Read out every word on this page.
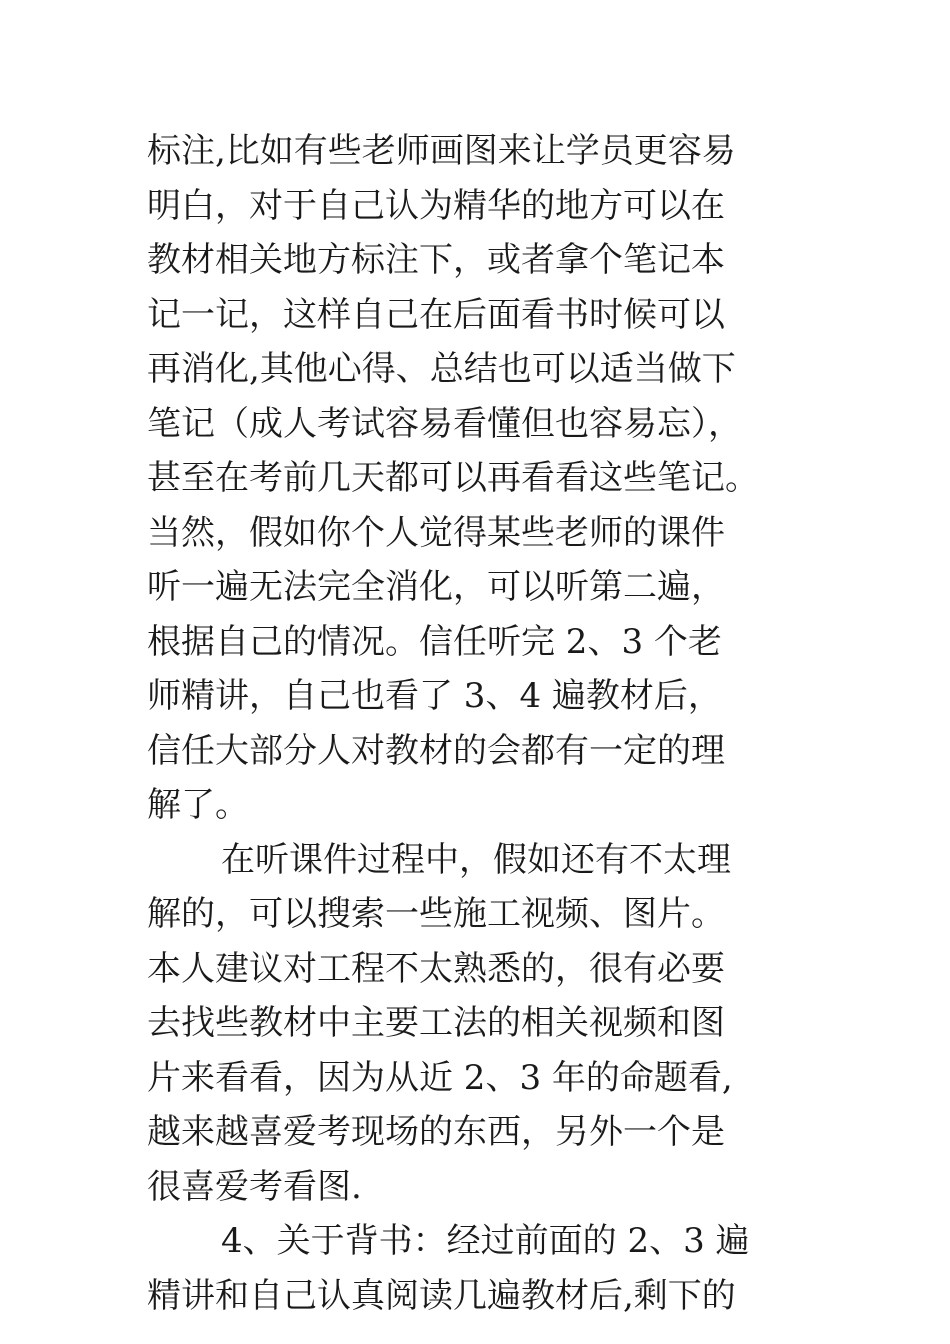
标注,比如有些老师画图来让学员更容易
明白，对于自己认为精华的地方可以在
教材相关地方标注下，或者拿个笔记本
记一记，这样自己在后面看书时候可以
再消化,其他心得、总结也可以适当做下
笔记（成人考试容易看懂但也容易忘），
甚至在考前几天都可以再看看这些笔记。
当然，假如你个人觉得某些老师的课件
听一遍无法完全消化，可以听第二遍，
根据自己的情况。信任听完 2、3 个老
师精讲，自己也看了 3、4 遍教材后，
信任大部分人对教材的会都有一定的理
解了。
在听课件过程中，假如还有不太理
解的，可以搜索一些施工视频、图片。
本人建议对工程不太熟悉的，很有必要
去找些教材中主要工法的相关视频和图
片来看看，因为从近 2、3 年的命题看,
越来越喜爱考现场的东西，另外一个是
很喜爱考看图.
4、关于背书：经过前面的 2、3 遍
精讲和自己认真阅读几遍教材后,剩下的
